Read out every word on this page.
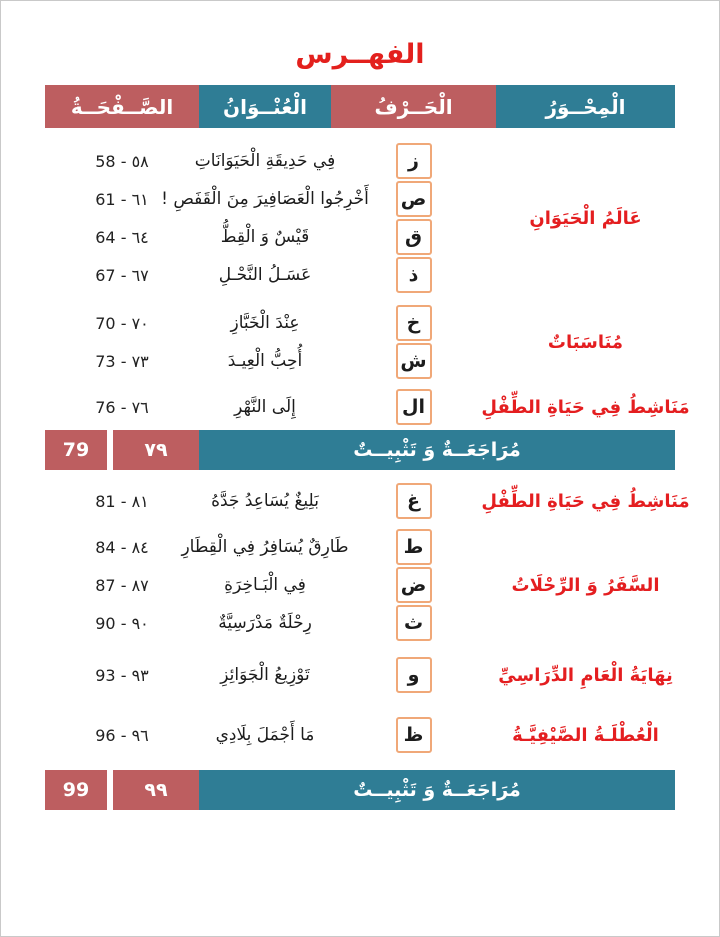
الفهــرس
الْمِحْــوَرُ
الْحَــرْفُ
الْعُنْــوَانُ
الصَّــفْحَــةُ
عَالَمُ الْحَيَوَانِ
ز
فِي حَدِيقَةِ الْحَيَوَانَاتِ
٥٨ - 58
ص
أَخْرِجُوا الْعَصَافِيرَ مِنَ الْقَفَصِ !
٦١ - 61
ق
قَيْسٌ وَ الْقِطُّ
٦٤ - 64
ذ
عَسَـلُ النَّحْـلِ
٦٧ - 67
مُنَاسَبَاتٌ
خ
عِنْدَ الْخَبَّازِ
٧٠ - 70
ش
أُحِبُّ الْعِيـدَ
٧٣ - 73
مَنَاشِطُ فِي حَيَاةِ الطِّفْلِ
ال
إِلَى النَّهْرِ
٧٦ - 76
مُرَاجَعَــةٌ وَ تَثْبِيــتٌ
٧٩
79
مَنَاشِطُ فِي حَيَاةِ الطِّفْلِ
غ
بَلِيغٌ يُسَاعِدُ جَدَّهُ
٨١ - 81
السَّفَرُ وَ الرِّحْلَاتُ
ط
طَارِقٌ يُسَافِرُ فِي الْقِطَارِ
٨٤ - 84
ض
فِي الْبَـاخِرَةِ
٨٧ - 87
ث
رِحْلَةٌ مَدْرَسِيَّةٌ
٩٠ - 90
نِهَايَةُ الْعَامِ الدِّرَاسِيِّ
و
تَوْزِيعُ الْجَوَائِزِ
٩٣ - 93
الْعُطْلَـةُ الصَّيْفِيَّـةُ
ظ
مَا أَجْمَلَ بِلَادِي
٩٦ - 96
مُرَاجَعَــةٌ وَ تَثْبِيــتٌ
٩٩
99
